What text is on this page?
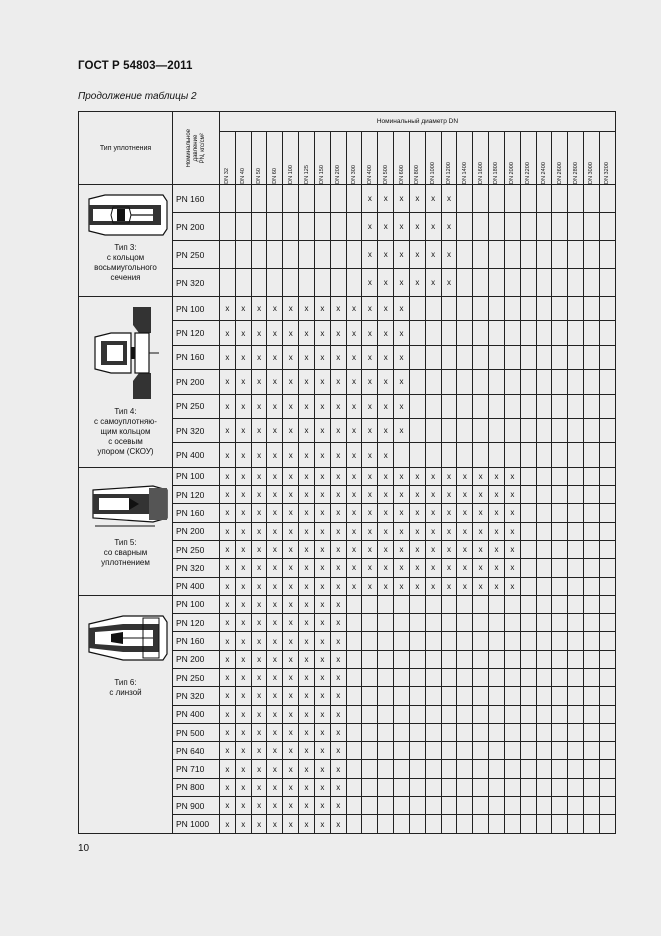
ГОСТ Р 54803—2011
Продолжение таблицы 2
Тип уплотнения	Номинальное
давление
PN, кгс/см²	Номинальный диаметр DN																								

		DN 32	DN 40	DN 50	DN 60	DN 100	DN 125	DN 150	DN 200	DN 300	DN 400	DN 500	DN 600	DN 800	DN 1000	DN 1200	DN 1400	DN 1600	DN 1800	DN 2000	DN 2200	DN 2400	DN 2600	DN 2800	DN 3000	DN 3200

Тип 3:
с кольцом
восьмиугольного
сечения	PN 160										x	x	x	x	x	x										
	PN 200										x	x	x	x	x	x										
	PN 250										x	x	x	x	x	x										
	PN 320										x	x	x	x	x	x										

Тип 4:
с самоуплотняю-
щим кольцом
с осевым
упором (СКОУ)	PN 100	x	x	x	x	x	x	x	x	x	x	x	x													
	PN 120	x	x	x	x	x	x	x	x	x	x	x	x													
	PN 160	x	x	x	x	x	x	x	x	x	x	x	x													
	PN 200	x	x	x	x	x	x	x	x	x	x	x	x													
	PN 250	x	x	x	x	x	x	x	x	x	x	x	x													
	PN 320	x	x	x	x	x	x	x	x	x	x	x	x													
	PN 400	x	x	x	x	x	x	x	x	x	x	x														

Тип 5:
со сварным
уплотнением	PN 100	x	x	x	x	x	x	x	x	x	x	x	x	x	x	x	x	x	x	x						
	PN 120	x	x	x	x	x	x	x	x	x	x	x	x	x	x	x	x	x	x	x						
	PN 160	x	x	x	x	x	x	x	x	x	x	x	x	x	x	x	x	x	x	x						
	PN 200	x	x	x	x	x	x	x	x	x	x	x	x	x	x	x	x	x	x	x						
	PN 250	x	x	x	x	x	x	x	x	x	x	x	x	x	x	x	x	x	x	x						
	PN 320	x	x	x	x	x	x	x	x	x	x	x	x	x	x	x	x	x	x	x						
	PN 400	x	x	x	x	x	x	x	x	x	x	x	x	x	x	x	x	x	x	x						

Тип 6:
с линзой	PN 100	x	x	x	x	x	x	x	x																	
	PN 120	x	x	x	x	x	x	x	x																	
	PN 160	x	x	x	x	x	x	x	x																	
	PN 200	x	x	x	x	x	x	x	x																	
	PN 250	x	x	x	x	x	x	x	x																	
	PN 320	x	x	x	x	x	x	x	x																	
	PN 400	x	x	x	x	x	x	x	x																	
	PN 500	x	x	x	x	x	x	x	x																	
	PN 640	x	x	x	x	x	x	x	x																	
	PN 710	x	x	x	x	x	x	x	x																	
	PN 800	x	x	x	x	x	x	x	x																	
	PN 900	x	x	x	x	x	x	x	x																	
	PN 1000	x	x	x	x	x	x	x	x																	
10
